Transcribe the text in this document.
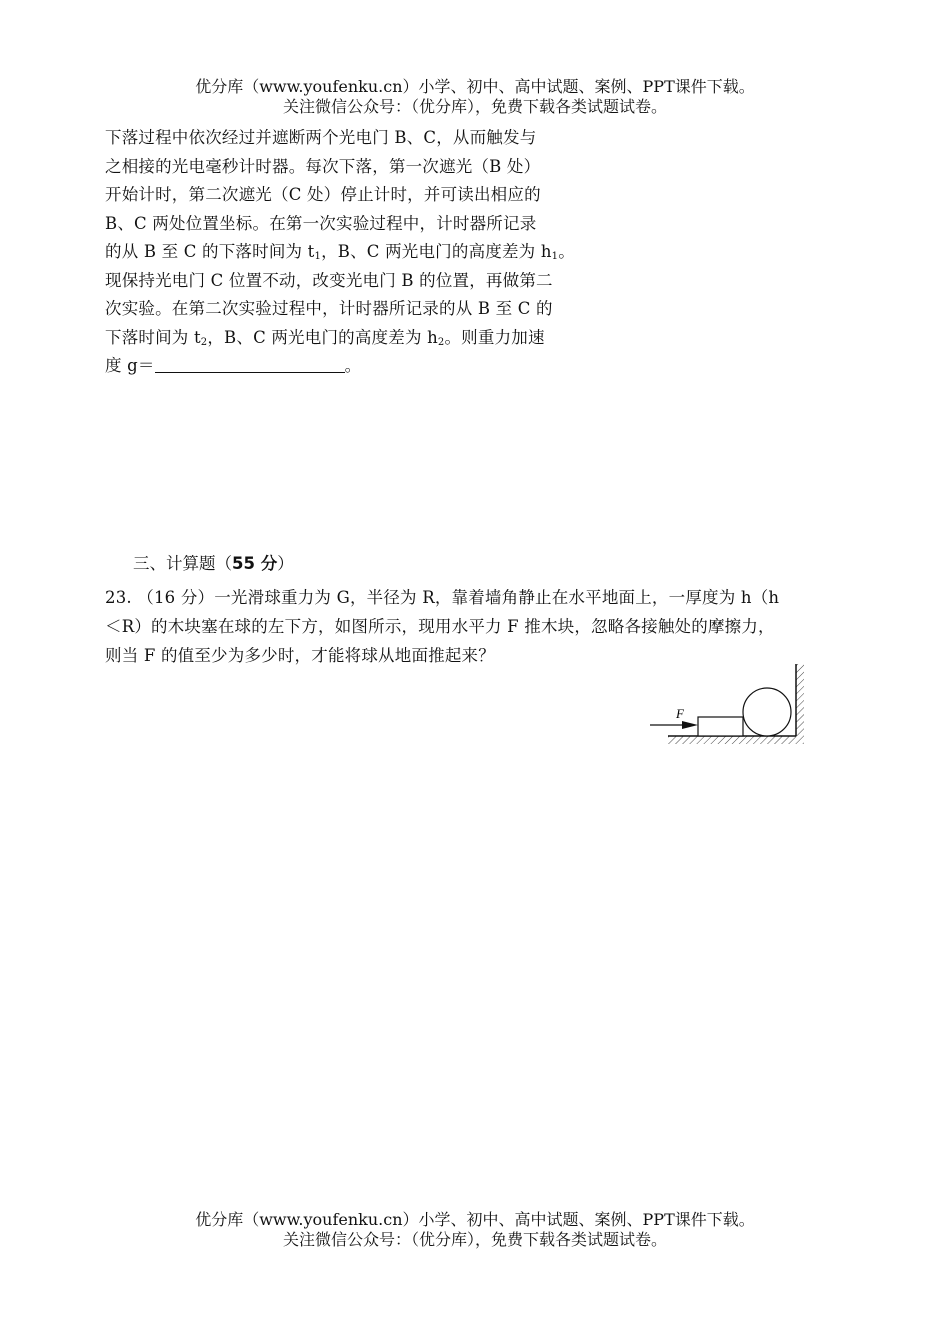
优分库（www.youfenku.cn）小学、初中、高中试题、案例、PPT课件下载。
关注微信公众号：（优分库），免费下载各类试题试卷。
下落过程中依次经过并遮断两个光电门 B、C，从而触发与
之相接的光电毫秒计时器。每次下落，第一次遮光（B 处）
开始计时，第二次遮光（C 处）停止计时，并可读出相应的
B、C 两处位置坐标。在第一次实验过程中，计时器所记录
的从 B 至 C 的下落时间为 $t_1$，B、C 两光电门的高度差为 $h_1$。
现保持光电门 C 位置不动，改变光电门 B 的位置，再做第二
次实验。在第二次实验过程中，计时器所记录的从 B 至 C 的
下落时间为 $t_2$，B、C 两光电门的高度差为 $h_2$。则重力加速
度 g＝	。
三、计算题（55 分）
23. （16 分）一光滑球重力为 G，半径为 R，靠着墙角静止在水平地面上，一厚度为 h（h
＜R）的木块塞在球的左下方，如图所示，现用水平力 F 推木块，忽略各接触处的摩擦力，
则当 F 的值至少为多少时，才能将球从地面推起来？
F
优分库（www.youfenku.cn）小学、初中、高中试题、案例、PPT课件下载。
关注微信公众号：（优分库），免费下载各类试题试卷。
